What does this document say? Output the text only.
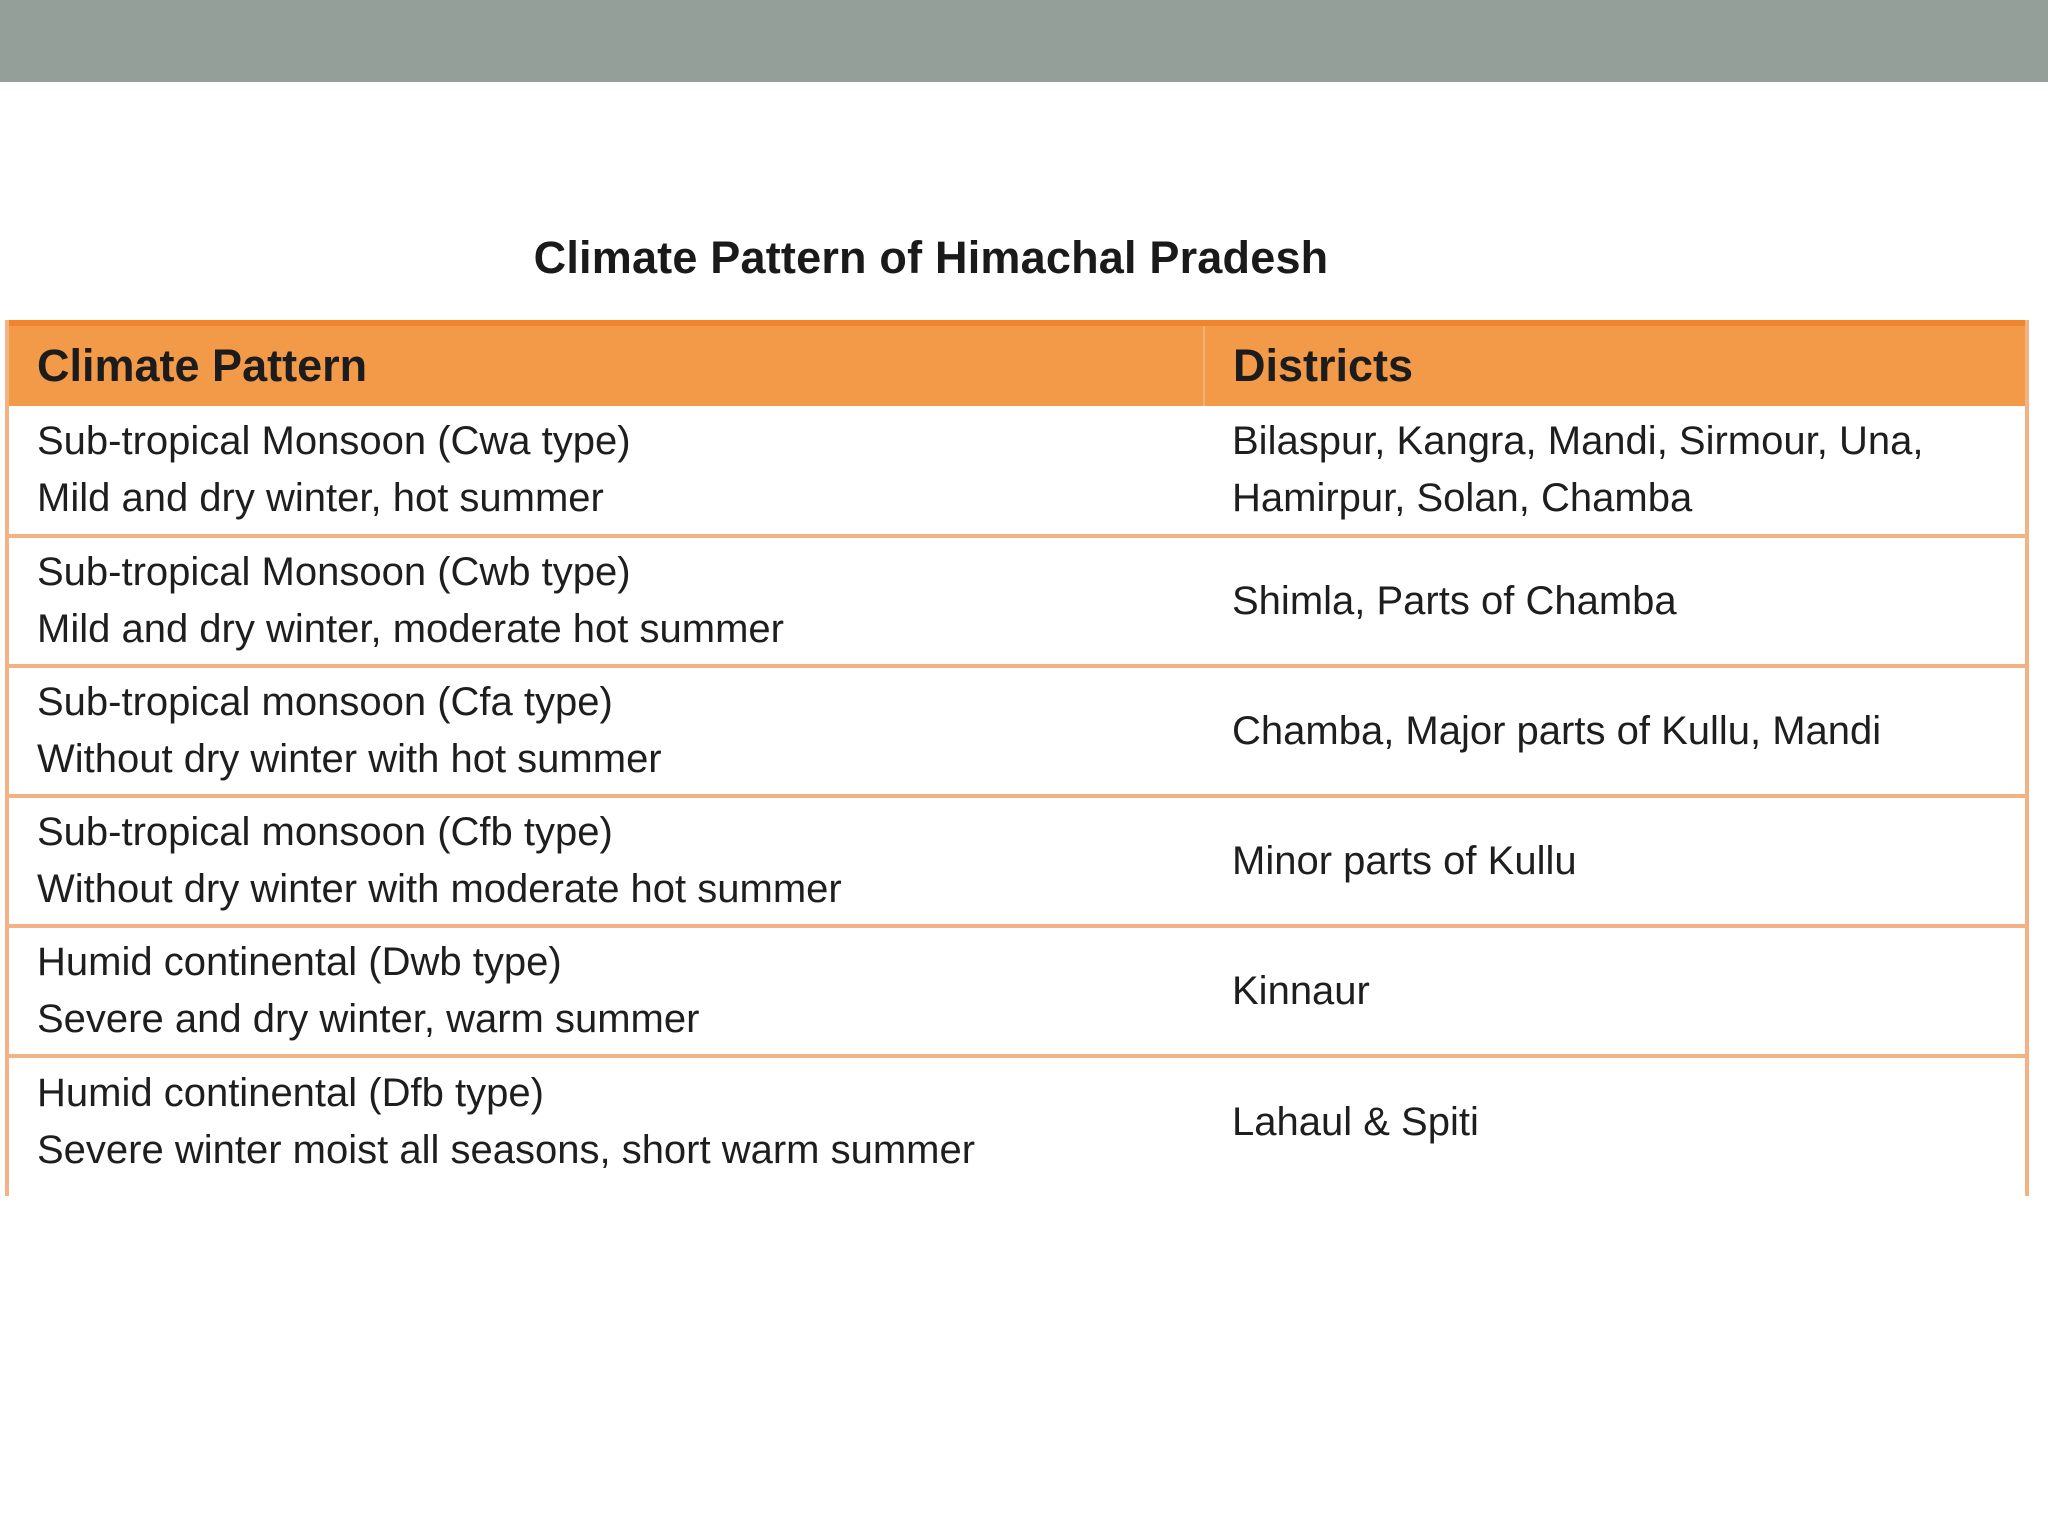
Climate Pattern of Himachal Pradesh
Climate Pattern	Districts

Sub-tropical Monsoon (Cwa type)
Mild and dry winter, hot summer	Bilaspur, Kangra, Mandi, Sirmour, Una,
Hamirpur, Solan, Chamba

Sub-tropical Monsoon (Cwb type)
Mild and dry winter, moderate hot summer	Shimla, Parts of Chamba

Sub-tropical monsoon (Cfa type)
Without dry winter with hot summer	Chamba, Major parts of Kullu, Mandi

Sub-tropical monsoon (Cfb type)
Without dry winter with moderate hot summer	Minor parts of Kullu

Humid continental (Dwb type)
Severe and dry winter, warm summer	Kinnaur

Humid continental (Dfb type)
Severe winter moist all seasons, short warm summer	Lahaul & Spiti
